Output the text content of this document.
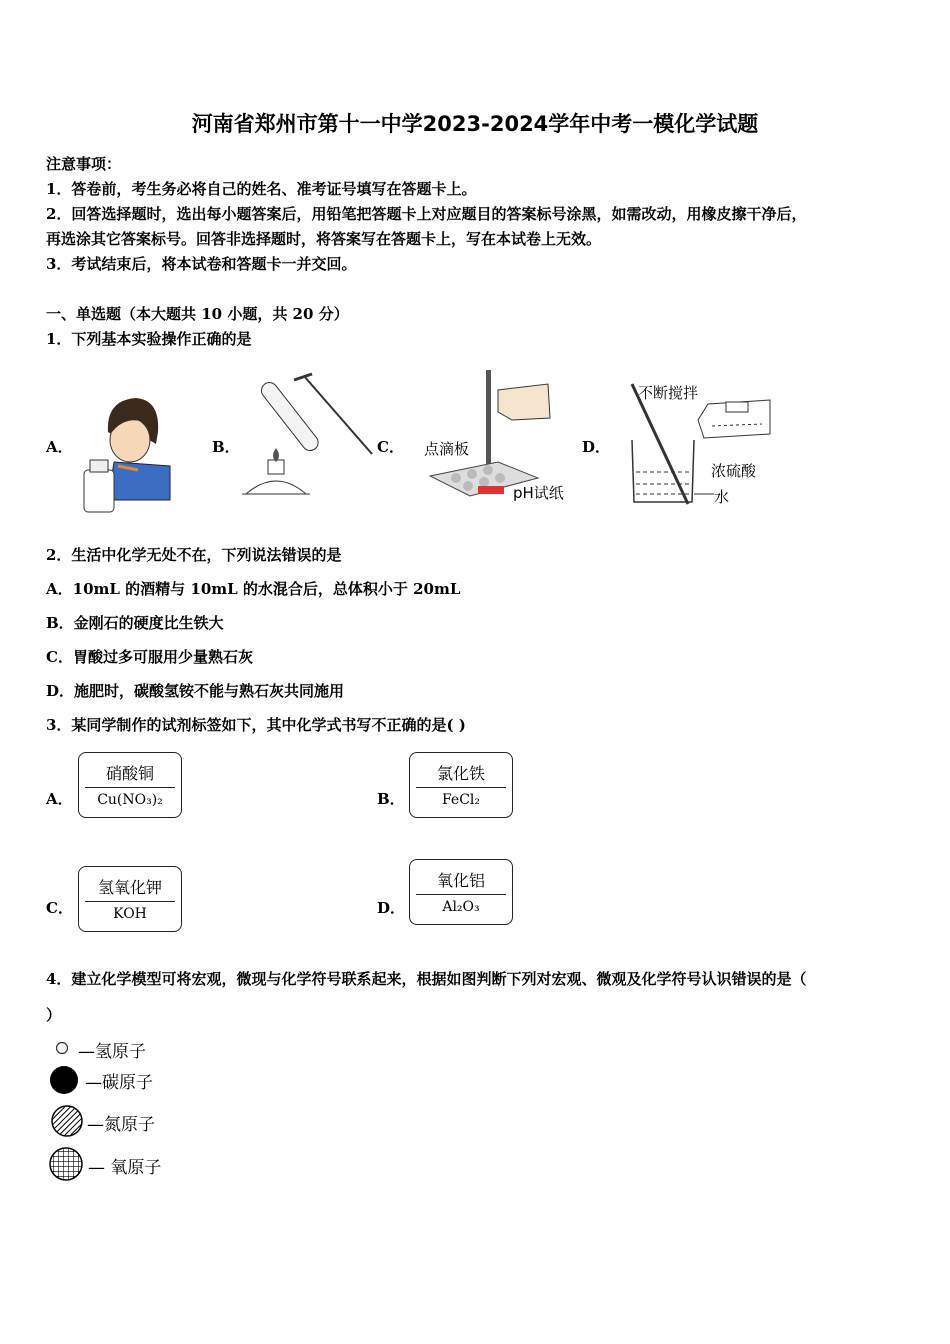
河南省郑州市第十一中学2023-2024学年中考一模化学试题
注意事项：
1．答卷前，考生务必将自己的姓名、准考证号填写在答题卡上。
2．回答选择题时，选出每小题答案后，用铅笔把答题卡上对应题目的答案标号涂黑，如需改动，用橡皮擦干净后，
再选涂其它答案标号。回答非选择题时，将答案写在答题卡上，写在本试卷上无效。
3．考试结束后，将本试卷和答题卡一并交回。
一、单选题（本大题共 10 小题，共 20 分）
1．下列基本实验操作正确的是
A．	B．	C． 点滴板
pH试纸
D．
不断搅拌
浓硫酸
水
2．生活中化学无处不在，下列说法错误的是
A．10mL 的酒精与 10mL 的水混合后，总体积小于 20mL
B．金刚石的硬度比生铁大
C．胃酸过多可服用少量熟石灰
D．施肥时，碳酸氢铵不能与熟石灰共同施用
3．某同学制作的试剂标签如下，其中化学式书写不正确的是( )
A．
硝酸铜
Cu(NO₃)₂	B．
氯化铁
FeCl₂
C．
氢氧化钾
KOH	D．
氧化铝
Al₂O₃
4．建立化学模型可将宏观，微现与化学符号联系起来，根据如图判断下列对宏观、微观及化学符号认识错误的是（
）
—氢原子
—碳原子
—氮原子
— 氧原子
